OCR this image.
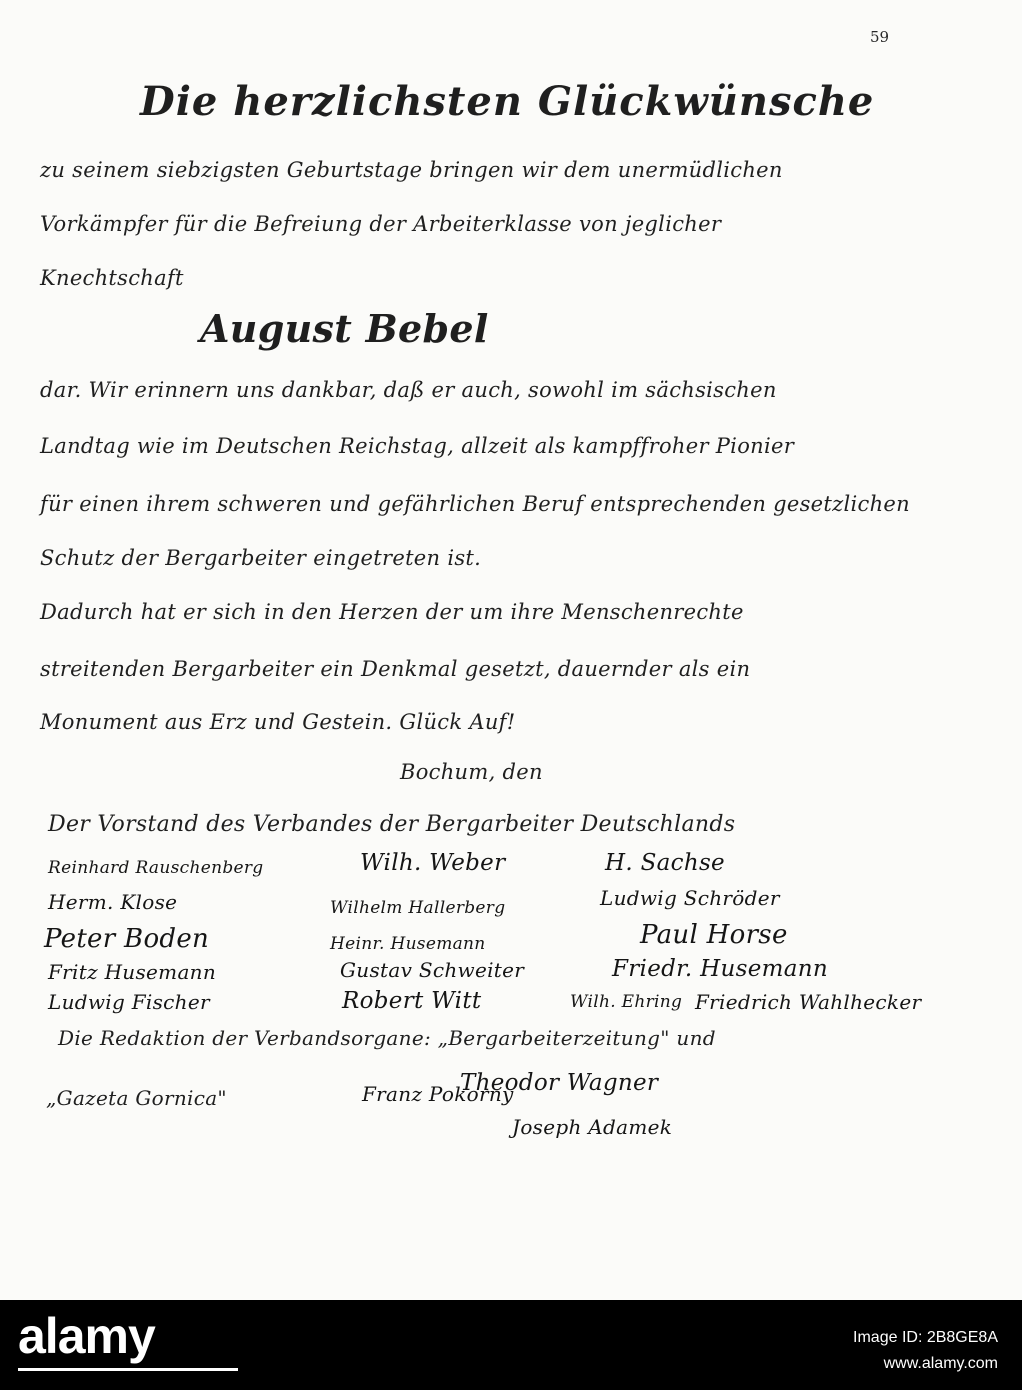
59
Die herzlichsten Glückwünsche
zu seinem siebzigsten Geburtstage bringen wir dem unermüdlichen
Vorkämpfer für die Befreiung der Arbeiterklasse von jeglicher
Knechtschaft
August Bebel
dar. Wir erinnern uns dankbar, daß er auch, sowohl im sächsischen
Landtag wie im Deutschen Reichstag, allzeit als kampffroher Pionier
für einen ihrem schweren und gefährlichen Beruf entsprechenden gesetzlichen
Schutz der Bergarbeiter eingetreten ist.
Dadurch hat er sich in den Herzen der um ihre Menschenrechte
streitenden Bergarbeiter ein Denkmal gesetzt, dauernder als ein
Monument aus Erz und Gestein. Glück Auf!
Bochum, den
Der Vorstand des Verbandes der Bergarbeiter Deutschlands
Reinhard Rauschenberg	Wilh. Weber	H. Sachse
Herm. Klose	Wilhelm Hallerberg	Ludwig Schröder
Peter Boden	Heinr. Husemann	Paul Horse
Fritz Husemann	Gustav Schweiter	Friedr. Husemann
Ludwig Fischer	Robert Witt	Wilh. Ehring Friedrich Wahlhecker
Die Redaktion der Verbandsorgane: „Bergarbeiterzeitung" und
„Gazeta Gornica"	Franz Pokorny
Theodor Wagner
Joseph Adamek
alamy	Image ID: 2B8GE8A
www.alamy.com
